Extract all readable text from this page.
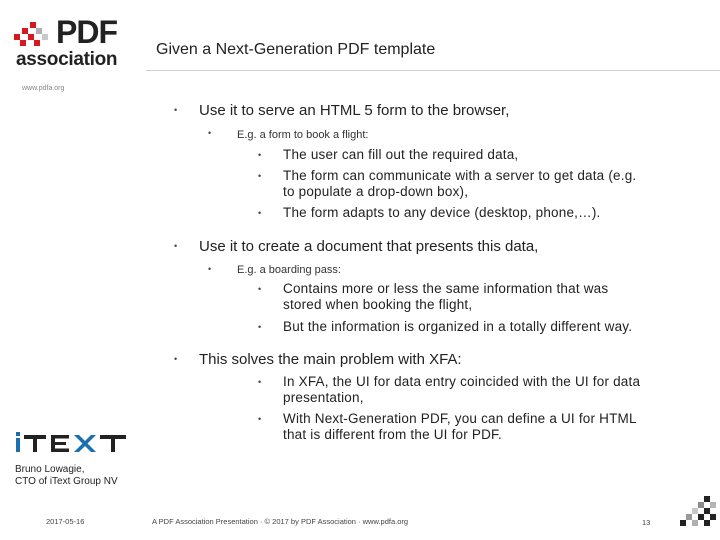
PDF
association Given a Next-Generation PDF template
www.pdfa.org
• Use it to serve an HTML 5 form to the browser,
• E.g. a form to book a flight:
• The user can fill out the required data,
• The form can communicate with a server to get data (e.g.
to populate a drop-down box),
• The form adapts to any device (desktop, phone,…).
• Use it to create a document that presents this data,
• E.g. a boarding pass:
• Contains more or less the same information that was
stored when booking the flight,
• But the information is organized in a totally different way.
• This solves the main problem with XFA:
• In XFA, the UI for data entry coincided with the UI for data
presentation,
• With Next-Generation PDF, you can define a UI for HTML
that is different from the UI for PDF.
Bruno Lowagie,
CTO of iText Group NV
2017-05-16	A PDF Association Presentation · © 2017 by PDF Association · www.pdfa.org	13
